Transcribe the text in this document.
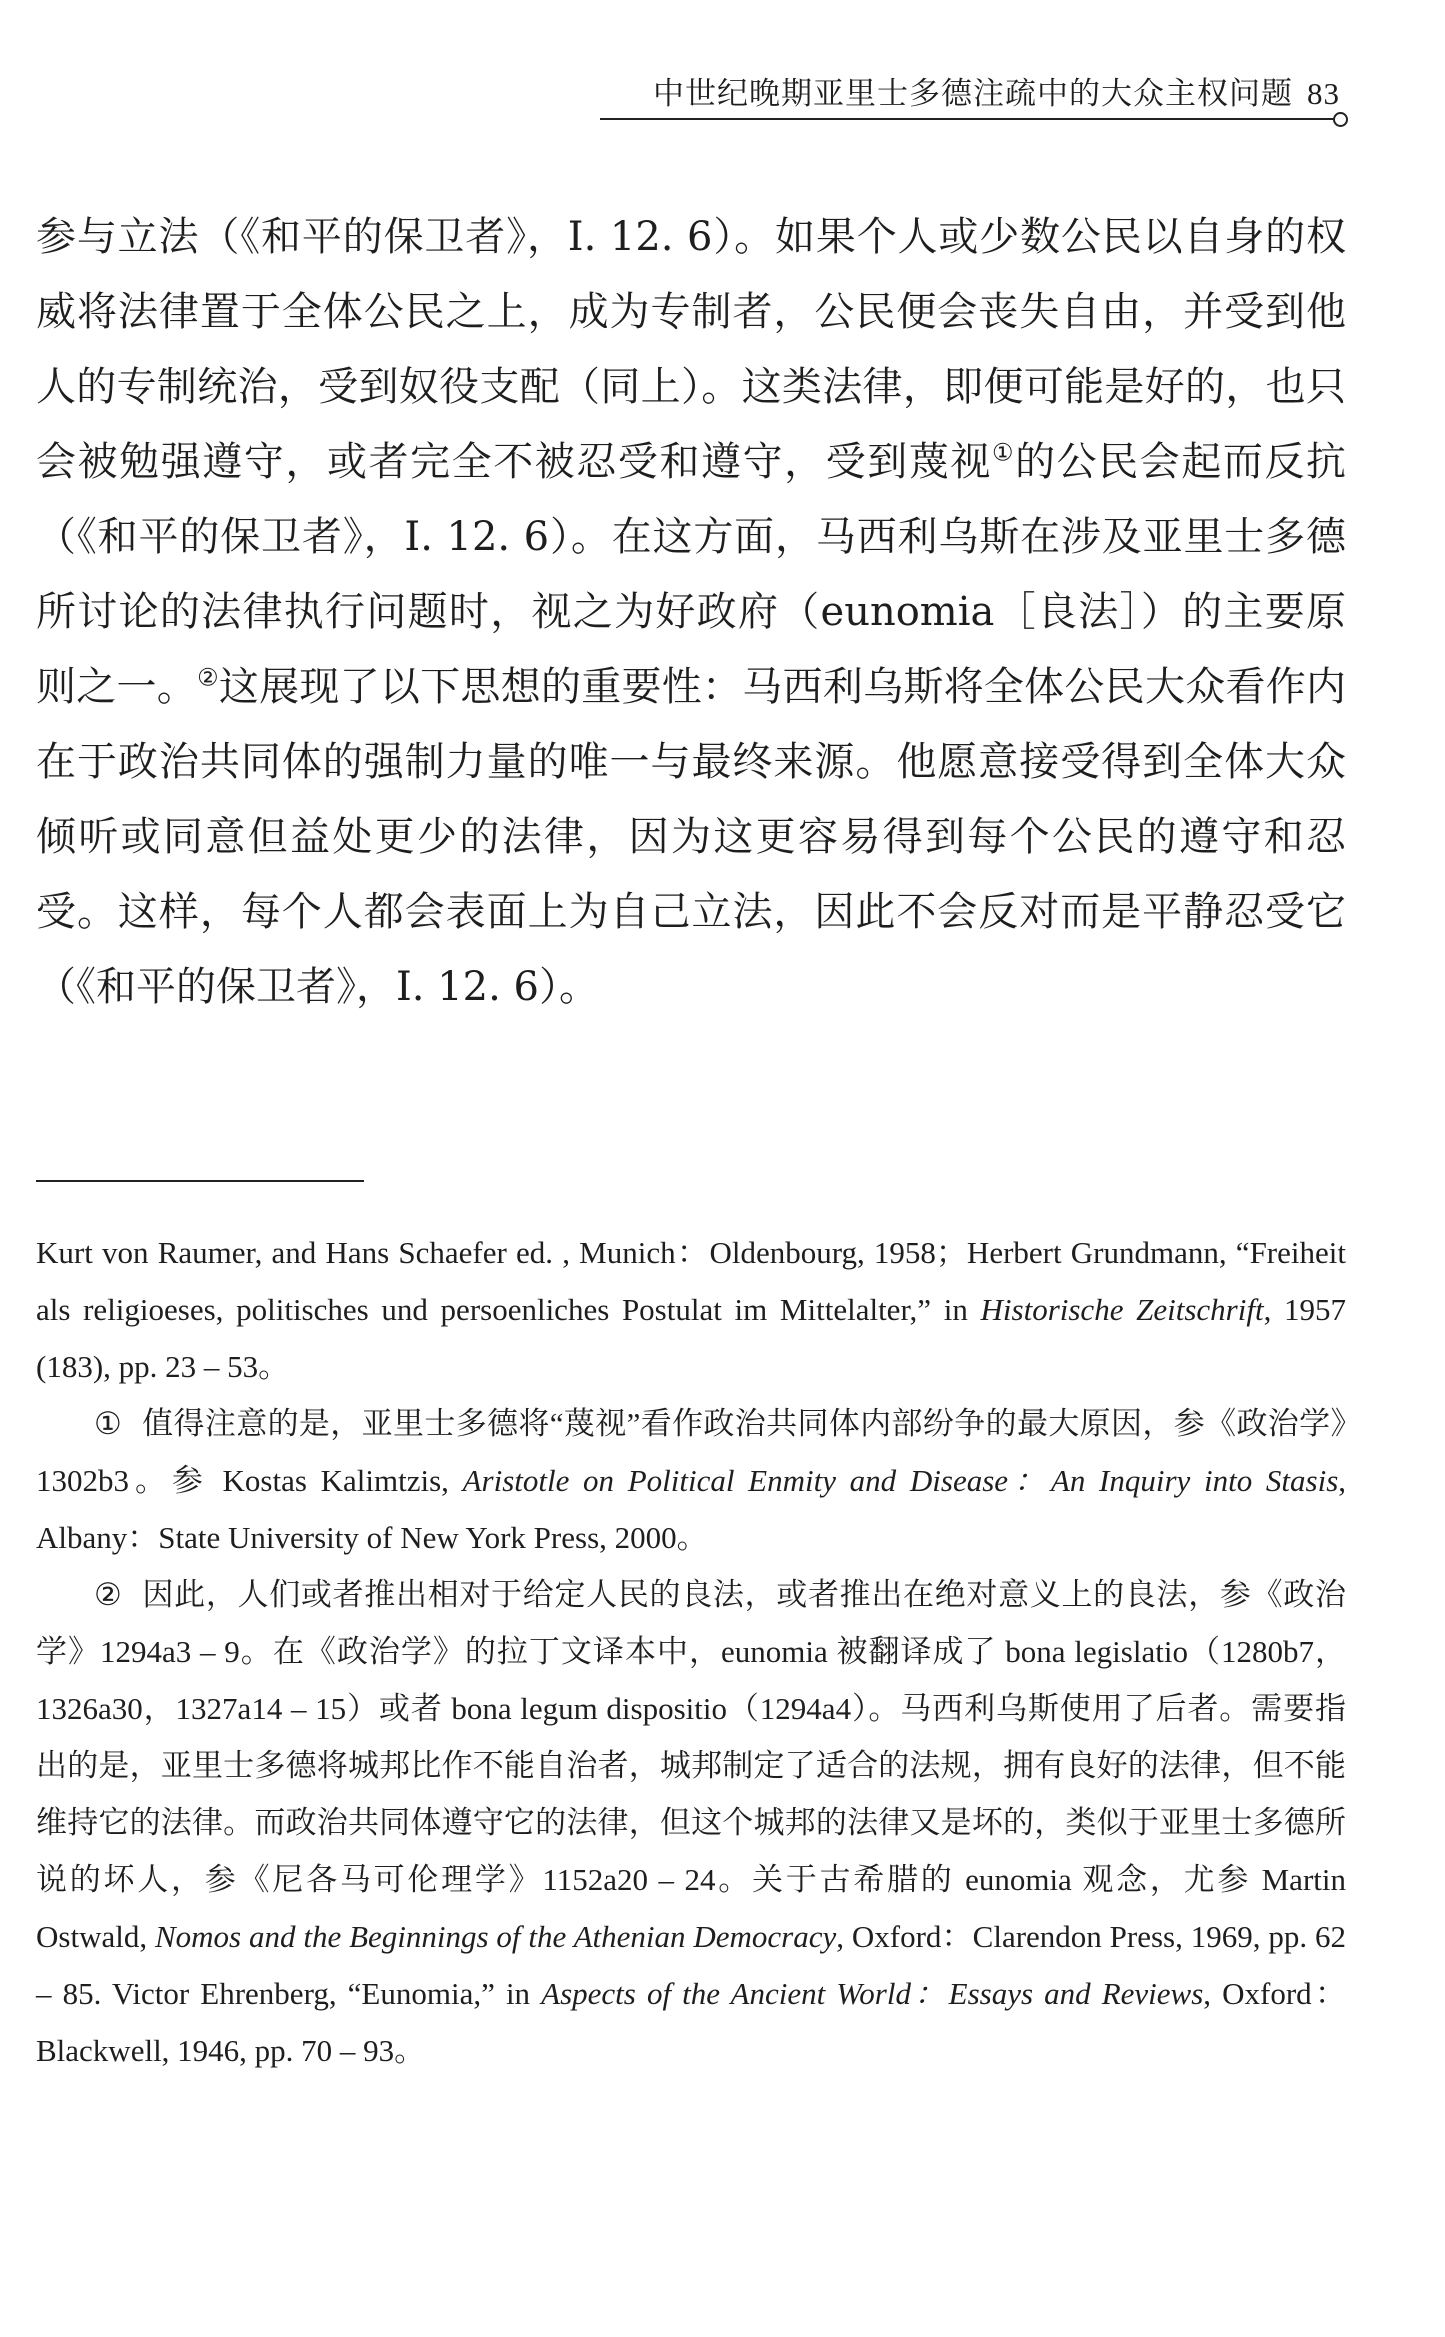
中世纪晚期亚里士多德注疏中的大众主权问题 83

参与立法（《和平的保卫者》，I. 12. 6）。如果个人或少数公民以自身的权威将法律置于全体公民之上，成为专制者，公民便会丧失自由，并受到他人的专制统治，受到奴役支配（同上）。这类法律，即便可能是好的，也只会被勉强遵守，或者完全不被忍受和遵守，受到蔑视①的公民会起而反抗（《和平的保卫者》，I. 12. 6）。在这方面，马西利乌斯在涉及亚里士多德所讨论的法律执行问题时，视之为好政府（eunomia［良法］）的主要原则之一。②这展现了以下思想的重要性：马西利乌斯将全体公民大众看作内在于政治共同体的强制力量的唯一与最终来源。他愿意接受得到全体大众倾听或同意但益处更少的法律，因为这更容易得到每个公民的遵守和忍受。这样，每个人都会表面上为自己立法，因此不会反对而是平静忍受它（《和平的保卫者》，I. 12. 6）。

Kurt von Raumer, and Hans Schaefer ed. , Munich：Oldenbourg, 1958；Herbert Grundmann, “Freiheit als religioeses, politisches und persoenliches Postulat im Mittelalter,” in Historische Zeitschrift, 1957 (183), pp. 23 – 53。

① 值得注意的是，亚里士多德将“蔑视”看作政治共同体内部纷争的最大原因，参《政治学》1302b3。参 Kostas Kalimtzis, Aristotle on Political Enmity and Disease：An Inquiry into Stasis, Albany：State University of New York Press, 2000。

② 因此，人们或者推出相对于给定人民的良法，或者推出在绝对意义上的良法，参《政治学》1294a3 – 9。在《政治学》的拉丁文译本中，eunomia 被翻译成了 bona legislatio（1280b7，1326a30，1327a14 – 15）或者 bona legum dispositio（1294a4）。马西利乌斯使用了后者。需要指出的是，亚里士多德将城邦比作不能自治者，城邦制定了适合的法规，拥有良好的法律，但不能维持它的法律。而政治共同体遵守它的法律，但这个城邦的法律又是坏的，类似于亚里士多德所说的坏人，参《尼各马可伦理学》1152a20 – 24。关于古希腊的 eunomia 观念，尤参 Martin Ostwald, Nomos and the Beginnings of the Athenian Democracy, Oxford：Clarendon Press, 1969, pp. 62 – 85. Victor Ehrenberg, “Eunomia,” in Aspects of the Ancient World：Essays and Reviews, Oxford：Blackwell, 1946, pp. 70 – 93。
